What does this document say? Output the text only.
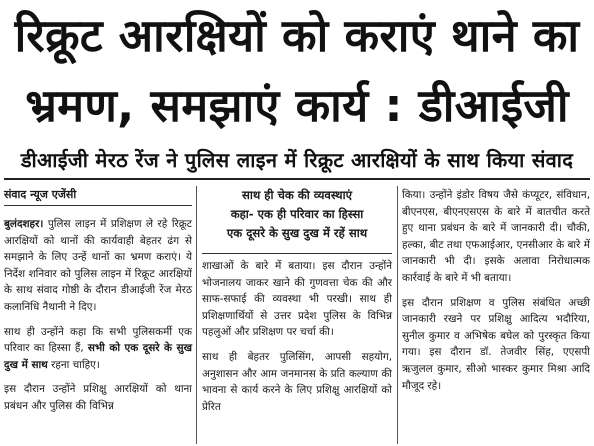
रिक्रूट आरक्षियों को कराएं थाने का
भ्रमण, समझाएं कार्य : डीआईजी
डीआईजी मेरठ रेंज ने पुलिस लाइन में रिक्रूट आरक्षियों के साथ किया संवाद
संवाद न्यूज एजेंसी

बुलंदशहर। पुलिस लाइन में प्रशिक्षण ले रहे रिक्रूट आरक्षियों को थानों की कार्यवाही बेहतर ढंग से समझाने के लिए उन्हें थानों का भ्रमण कराएं। ये निर्देश शनिवार को पुलिस लाइन में रिक्रूट आरक्षियों के साथ संवाद गोष्ठी के दौरान डीआईजी रेंज मेरठ कलानिधि नैथानी ने दिए।

साथ ही उन्होंने कहा कि सभी पुलिसकर्मी एक परिवार का हिस्सा हैं, सभी को एक दूसरे के सुख दुख में साथ रहना चाहिए।

इस दौरान उन्होंने प्रशिक्षु आरक्षियों को थाना प्रबंधन और पुलिस की विभिन्न

साथ ही चेक की व्यवस्थाएं
कहा- एक ही परिवार का हिस्सा
एक दूसरे के सुख दुख में रहें साथ

शाखाओं के बारे में बताया। इस दौरान उन्होंने भोजनालय जाकर खाने की गुणवत्ता चेक की और साफ-सफाई की व्यवस्था भी परखी। साथ ही प्रशिक्षणार्थियों से उत्तर प्रदेश पुलिस के विभिन्न पहलुओं और प्रशिक्षण पर चर्चा की।

साथ ही बेहतर पुलिसिंग, आपसी सहयोग, अनुशासन और आम जनमानस के प्रति कल्याण की भावना से कार्य करने के लिए प्रशिक्षु आरक्षियों को प्रेरित

किया। उन्होंने इंडोर विषय जैसे कंप्यूटर, संविधान, बीएनएस, बीएनएसएस के बारे में बातचीत करते हुए थाना प्रबंधन के बारे में जानकारी दी। चौकी, हल्का, बीट तथा एफआईआर, एनसीआर के बारे में जानकारी भी दी। इसके अलावा निरोधात्मक कार्रवाई के बारे में भी बताया।

इस दौरान प्रशिक्षण व पुलिस संबंधित अच्छी जानकारी रखने पर प्रशिक्षु आदित्य भदौरिया, सुनील कुमार व अभिषेक बघेल को पुरस्कृत किया गया। इस दौरान डॉ. तेजवीर सिंह, एएसपी ऋजुलल कुमार, सीओ भास्कर कुमार मिश्रा आदि मौजूद रहे।
